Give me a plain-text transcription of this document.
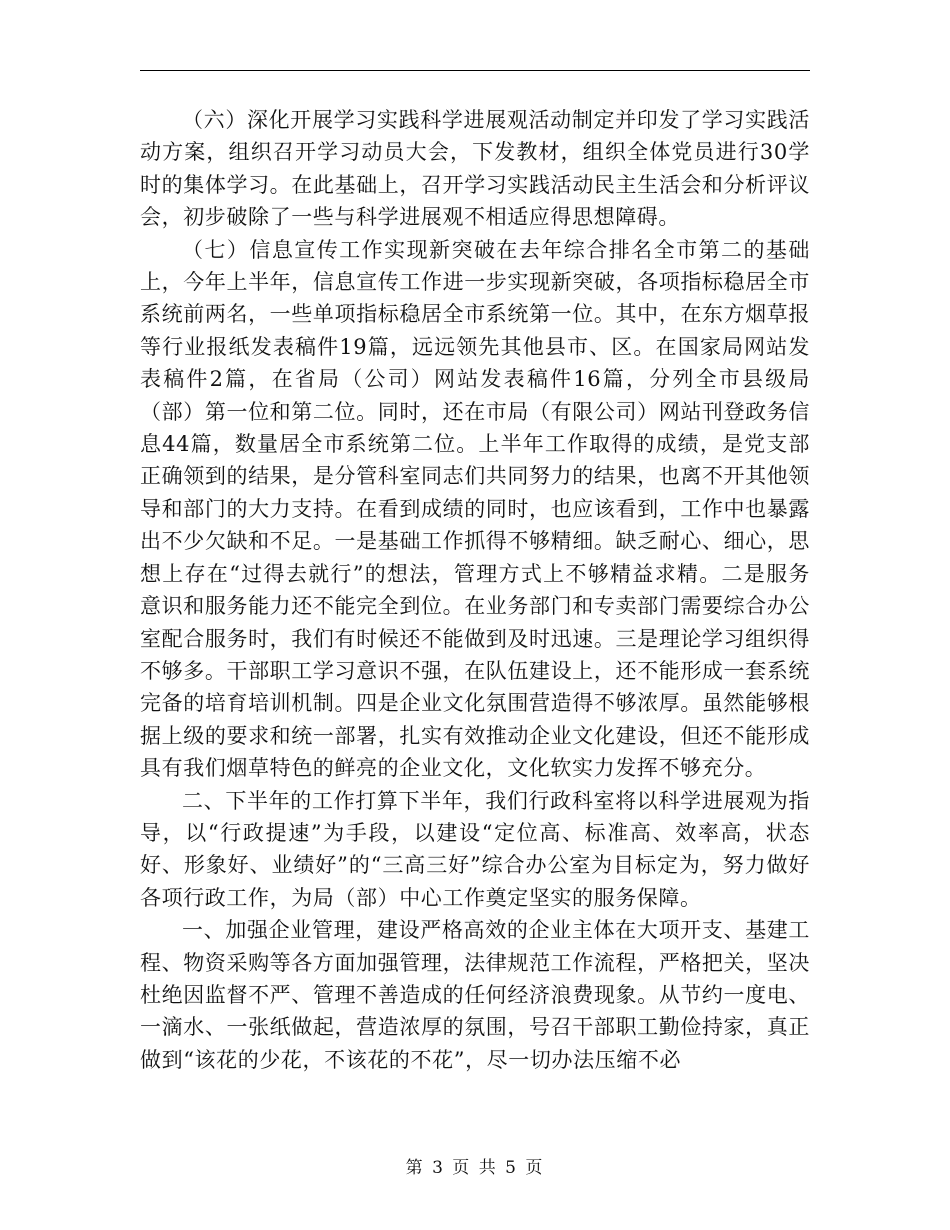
（六）深化开展学习实践科学进展观活动制定并印发了学习实践活动方案，组织召开学习动员大会，下发教材，组织全体党员进行30学时的集体学习。在此基础上，召开学习实践活动民主生活会和分析评议会，初步破除了一些与科学进展观不相适应得思想障碍。

（七）信息宣传工作实现新突破在去年综合排名全市第二的基础上，今年上半年，信息宣传工作进一步实现新突破，各项指标稳居全市系统前两名，一些单项指标稳居全市系统第一位。其中，在东方烟草报等行业报纸发表稿件19篇，远远领先其他县市、区。在国家局网站发表稿件2篇，在省局（公司）网站发表稿件16篇，分列全市县级局（部）第一位和第二位。同时，还在市局（有限公司）网站刊登政务信息44篇，数量居全市系统第二位。上半年工作取得的成绩，是党支部正确领到的结果，是分管科室同志们共同努力的结果，也离不开其他领导和部门的大力支持。在看到成绩的同时，也应该看到，工作中也暴露出不少欠缺和不足。一是基础工作抓得不够精细。缺乏耐心、细心，思想上存在“过得去就行”的想法，管理方式上不够精益求精。二是服务意识和服务能力还不能完全到位。在业务部门和专卖部门需要综合办公室配合服务时，我们有时候还不能做到及时迅速。三是理论学习组织得不够多。干部职工学习意识不强，在队伍建设上，还不能形成一套系统完备的培育培训机制。四是企业文化氛围营造得不够浓厚。虽然能够根据上级的要求和统一部署，扎实有效推动企业文化建设，但还不能形成具有我们烟草特色的鲜亮的企业文化，文化软实力发挥不够充分。

二、下半年的工作打算下半年，我们行政科室将以科学进展观为指导，以“行政提速”为手段，以建设“定位高、标准高、效率高，状态好、形象好、业绩好”的“三高三好”综合办公室为目标定为，努力做好各项行政工作，为局（部）中心工作奠定坚实的服务保障。

一、加强企业管理，建设严格高效的企业主体在大项开支、基建工程、物资采购等各方面加强管理，法律规范工作流程，严格把关，坚决杜绝因监督不严、管理不善造成的任何经济浪费现象。从节约一度电、一滴水、一张纸做起，营造浓厚的氛围，号召干部职工勤俭持家，真正做到“该花的少花，不该花的不花”，尽一切办法压缩不必

第 3 页 共 5 页
